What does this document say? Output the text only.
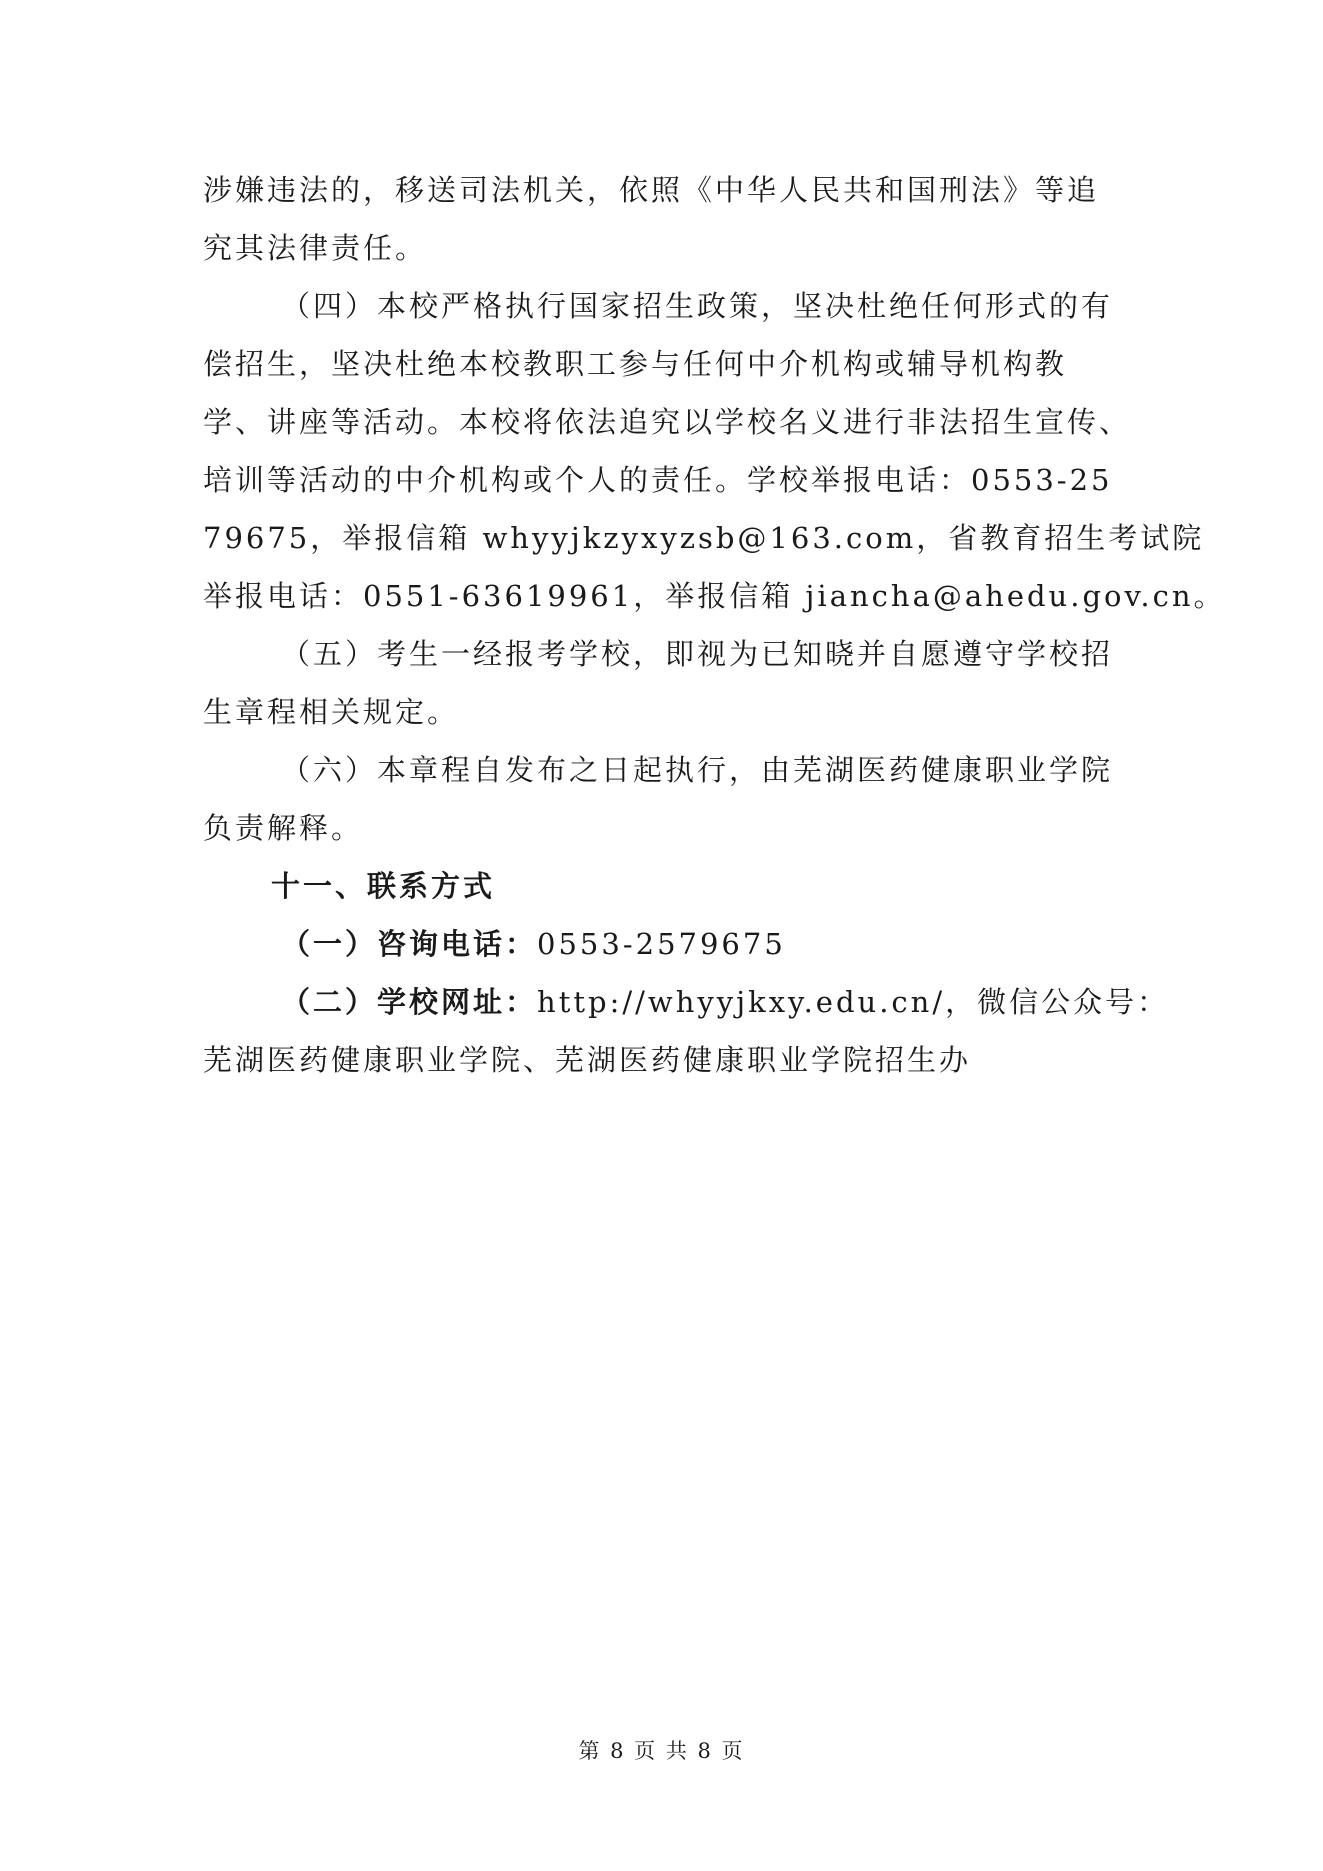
涉嫌违法的，移送司法机关，依照《中华人民共和国刑法》等追
究其法律责任。
（四）本校严格执行国家招生政策，坚决杜绝任何形式的有
偿招生，坚决杜绝本校教职工参与任何中介机构或辅导机构教
学、讲座等活动。本校将依法追究以学校名义进行非法招生宣传、
培训等活动的中介机构或个人的责任。学校举报电话：0553-25
79675，举报信箱 whyyjkzyxyzsb@163.com，省教育招生考试院
举报电话：0551-63619961，举报信箱 jiancha@ahedu.gov.cn。
（五）考生一经报考学校，即视为已知晓并自愿遵守学校招
生章程相关规定。
（六）本章程自发布之日起执行，由芜湖医药健康职业学院
负责解释。
十一、联系方式
（一）咨询电话：0553-2579675
（二）学校网址：http://whyyjkxy.edu.cn/，微信公众号：
芜湖医药健康职业学院、芜湖医药健康职业学院招生办
第 8 页 共 8 页
